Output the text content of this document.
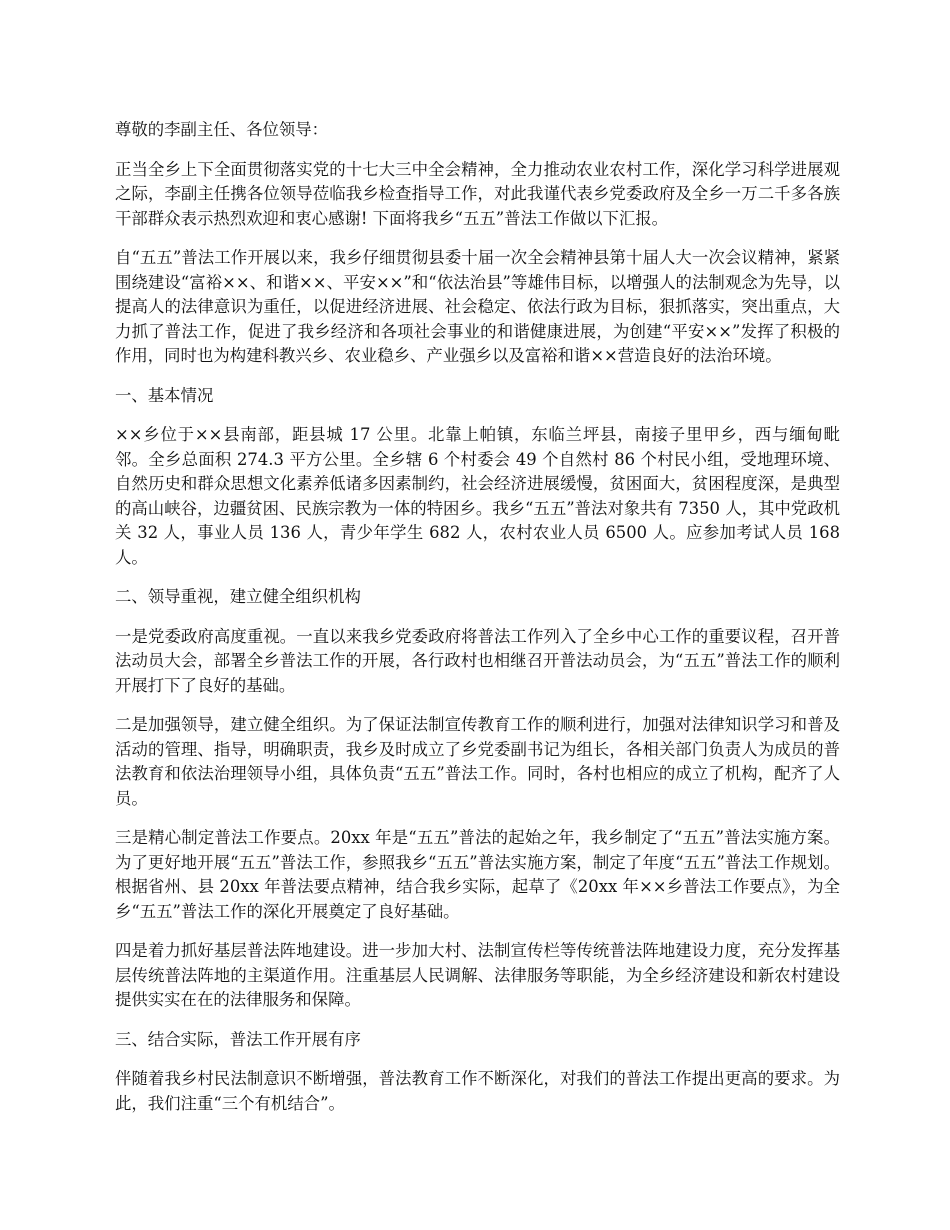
尊敬的李副主任、各位领导：

正当全乡上下全面贯彻落实党的十七大三中全会精神，全力推动农业农村工作，深化学习科学进展观之际，李副主任携各位领导莅临我乡检查指导工作，对此我谨代表乡党委政府及全乡一万二千多各族干部群众表示热烈欢迎和衷心感谢! 下面将我乡“五五”普法工作做以下汇报。

自“五五”普法工作开展以来，我乡仔细贯彻县委十届一次全会精神县第十届人大一次会议精神，紧紧围绕建设“富裕××、和谐××、平安××”和“依法治县”等雄伟目标，以增强人的法制观念为先导，以提高人的法律意识为重任，以促进经济进展、社会稳定、依法行政为目标，狠抓落实，突出重点，大力抓了普法工作，促进了我乡经济和各项社会事业的和谐健康进展，为创建“平安××”发挥了积极的作用，同时也为构建科教兴乡、农业稳乡、产业强乡以及富裕和谐××营造良好的法治环境。

一、基本情况

××乡位于××县南部，距县城 17 公里。北靠上帕镇，东临兰坪县，南接子里甲乡，西与缅甸毗邻。全乡总面积 274.3 平方公里。全乡辖 6 个村委会 49 个自然村 86 个村民小组，受地理环境、自然历史和群众思想文化素养低诸多因素制约，社会经济进展缓慢，贫困面大，贫困程度深，是典型的高山峡谷，边疆贫困、民族宗教为一体的特困乡。我乡“五五”普法对象共有 7350 人，其中党政机关 32 人，事业人员 136 人，青少年学生 682 人，农村农业人员 6500 人。应参加考试人员 168 人。

二、领导重视，建立健全组织机构

一是党委政府高度重视。一直以来我乡党委政府将普法工作列入了全乡中心工作的重要议程，召开普法动员大会，部署全乡普法工作的开展，各行政村也相继召开普法动员会，为“五五”普法工作的顺利开展打下了良好的基础。

二是加强领导，建立健全组织。为了保证法制宣传教育工作的顺利进行，加强对法律知识学习和普及活动的管理、指导，明确职责，我乡及时成立了乡党委副书记为组长，各相关部门负责人为成员的普法教育和依法治理领导小组，具体负责“五五”普法工作。同时，各村也相应的成立了机构，配齐了人员。

三是精心制定普法工作要点。20xx 年是“五五”普法的起始之年，我乡制定了“五五”普法实施方案。为了更好地开展“五五”普法工作，参照我乡“五五”普法实施方案，制定了年度“五五”普法工作规划。根据省州、县 20xx 年普法要点精神，结合我乡实际，起草了《20xx 年××乡普法工作要点》，为全乡“五五”普法工作的深化开展奠定了良好基础。

四是着力抓好基层普法阵地建设。进一步加大村、法制宣传栏等传统普法阵地建设力度，充分发挥基层传统普法阵地的主渠道作用。注重基层人民调解、法律服务等职能，为全乡经济建设和新农村建设提供实实在在的法律服务和保障。

三、结合实际，普法工作开展有序

伴随着我乡村民法制意识不断增强，普法教育工作不断深化，对我们的普法工作提出更高的要求。为此，我们注重“三个有机结合”。
